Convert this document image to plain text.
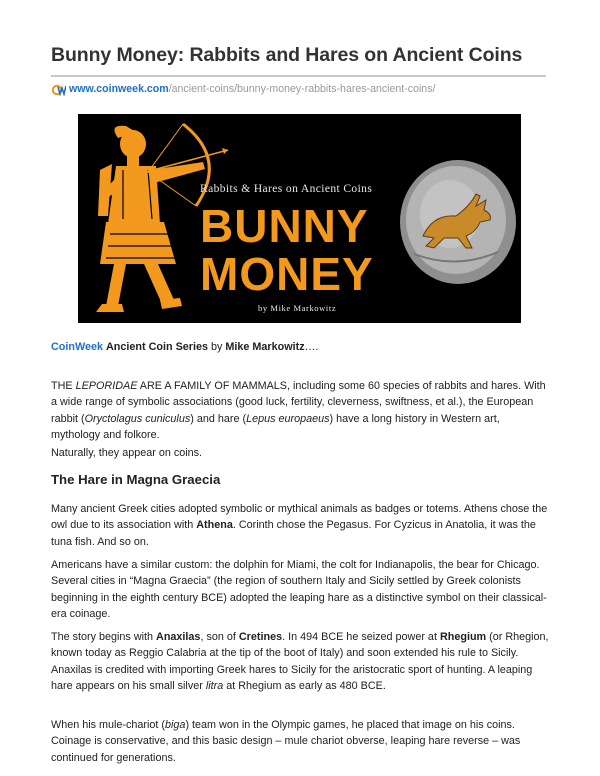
Bunny Money: Rabbits and Hares on Ancient Coins
www.coinweek.com/ancient-coins/bunny-money-rabbits-hares-ancient-coins/
Rabbits & Hares on Ancient Coins
BUNNY
MONEY
by Mike Markowitz
CoinWeek Ancient Coin Series by Mike Markowitz….
THE LEPORIDAE ARE A FAMILY OF MAMMALS, including some 60 species of rabbits and hares. With a wide range of symbolic associations (good luck, fertility, cleverness, swiftness, et al.), the European rabbit (Oryctolagus cuniculus) and hare (Lepus europaeus) have a long history in Western art, mythology and folkore.
Naturally, they appear on coins.
The Hare in Magna Graecia
Many ancient Greek cities adopted symbolic or mythical animals as badges or totems. Athens chose the owl due to its association with Athena. Corinth chose the Pegasus. For Cyzicus in Anatolia, it was the tuna fish. And so on.
Americans have a similar custom: the dolphin for Miami, the colt for Indianapolis, the bear for Chicago. Several cities in “Magna Graecia” (the region of southern Italy and Sicily settled by Greek colonists beginning in the eighth century BCE) adopted the leaping hare as a distinctive symbol on their classical-era coinage.
The story begins with Anaxilas, son of Cretines. In 494 BCE he seized power at Rhegium (or Rhegion, known today as Reggio Calabria at the tip of the boot of Italy) and soon extended his rule to Sicily. Anaxilas is credited with importing Greek hares to Sicily for the aristocratic sport of hunting. A leaping hare appears on his small silver litra at Rhegium as early as 480 BCE.
When his mule-chariot (biga) team won in the Olympic games, he placed that image on his coins. Coinage is conservative, and this basic design – mule chariot obverse, leaping hare reverse – was continued for generations.
